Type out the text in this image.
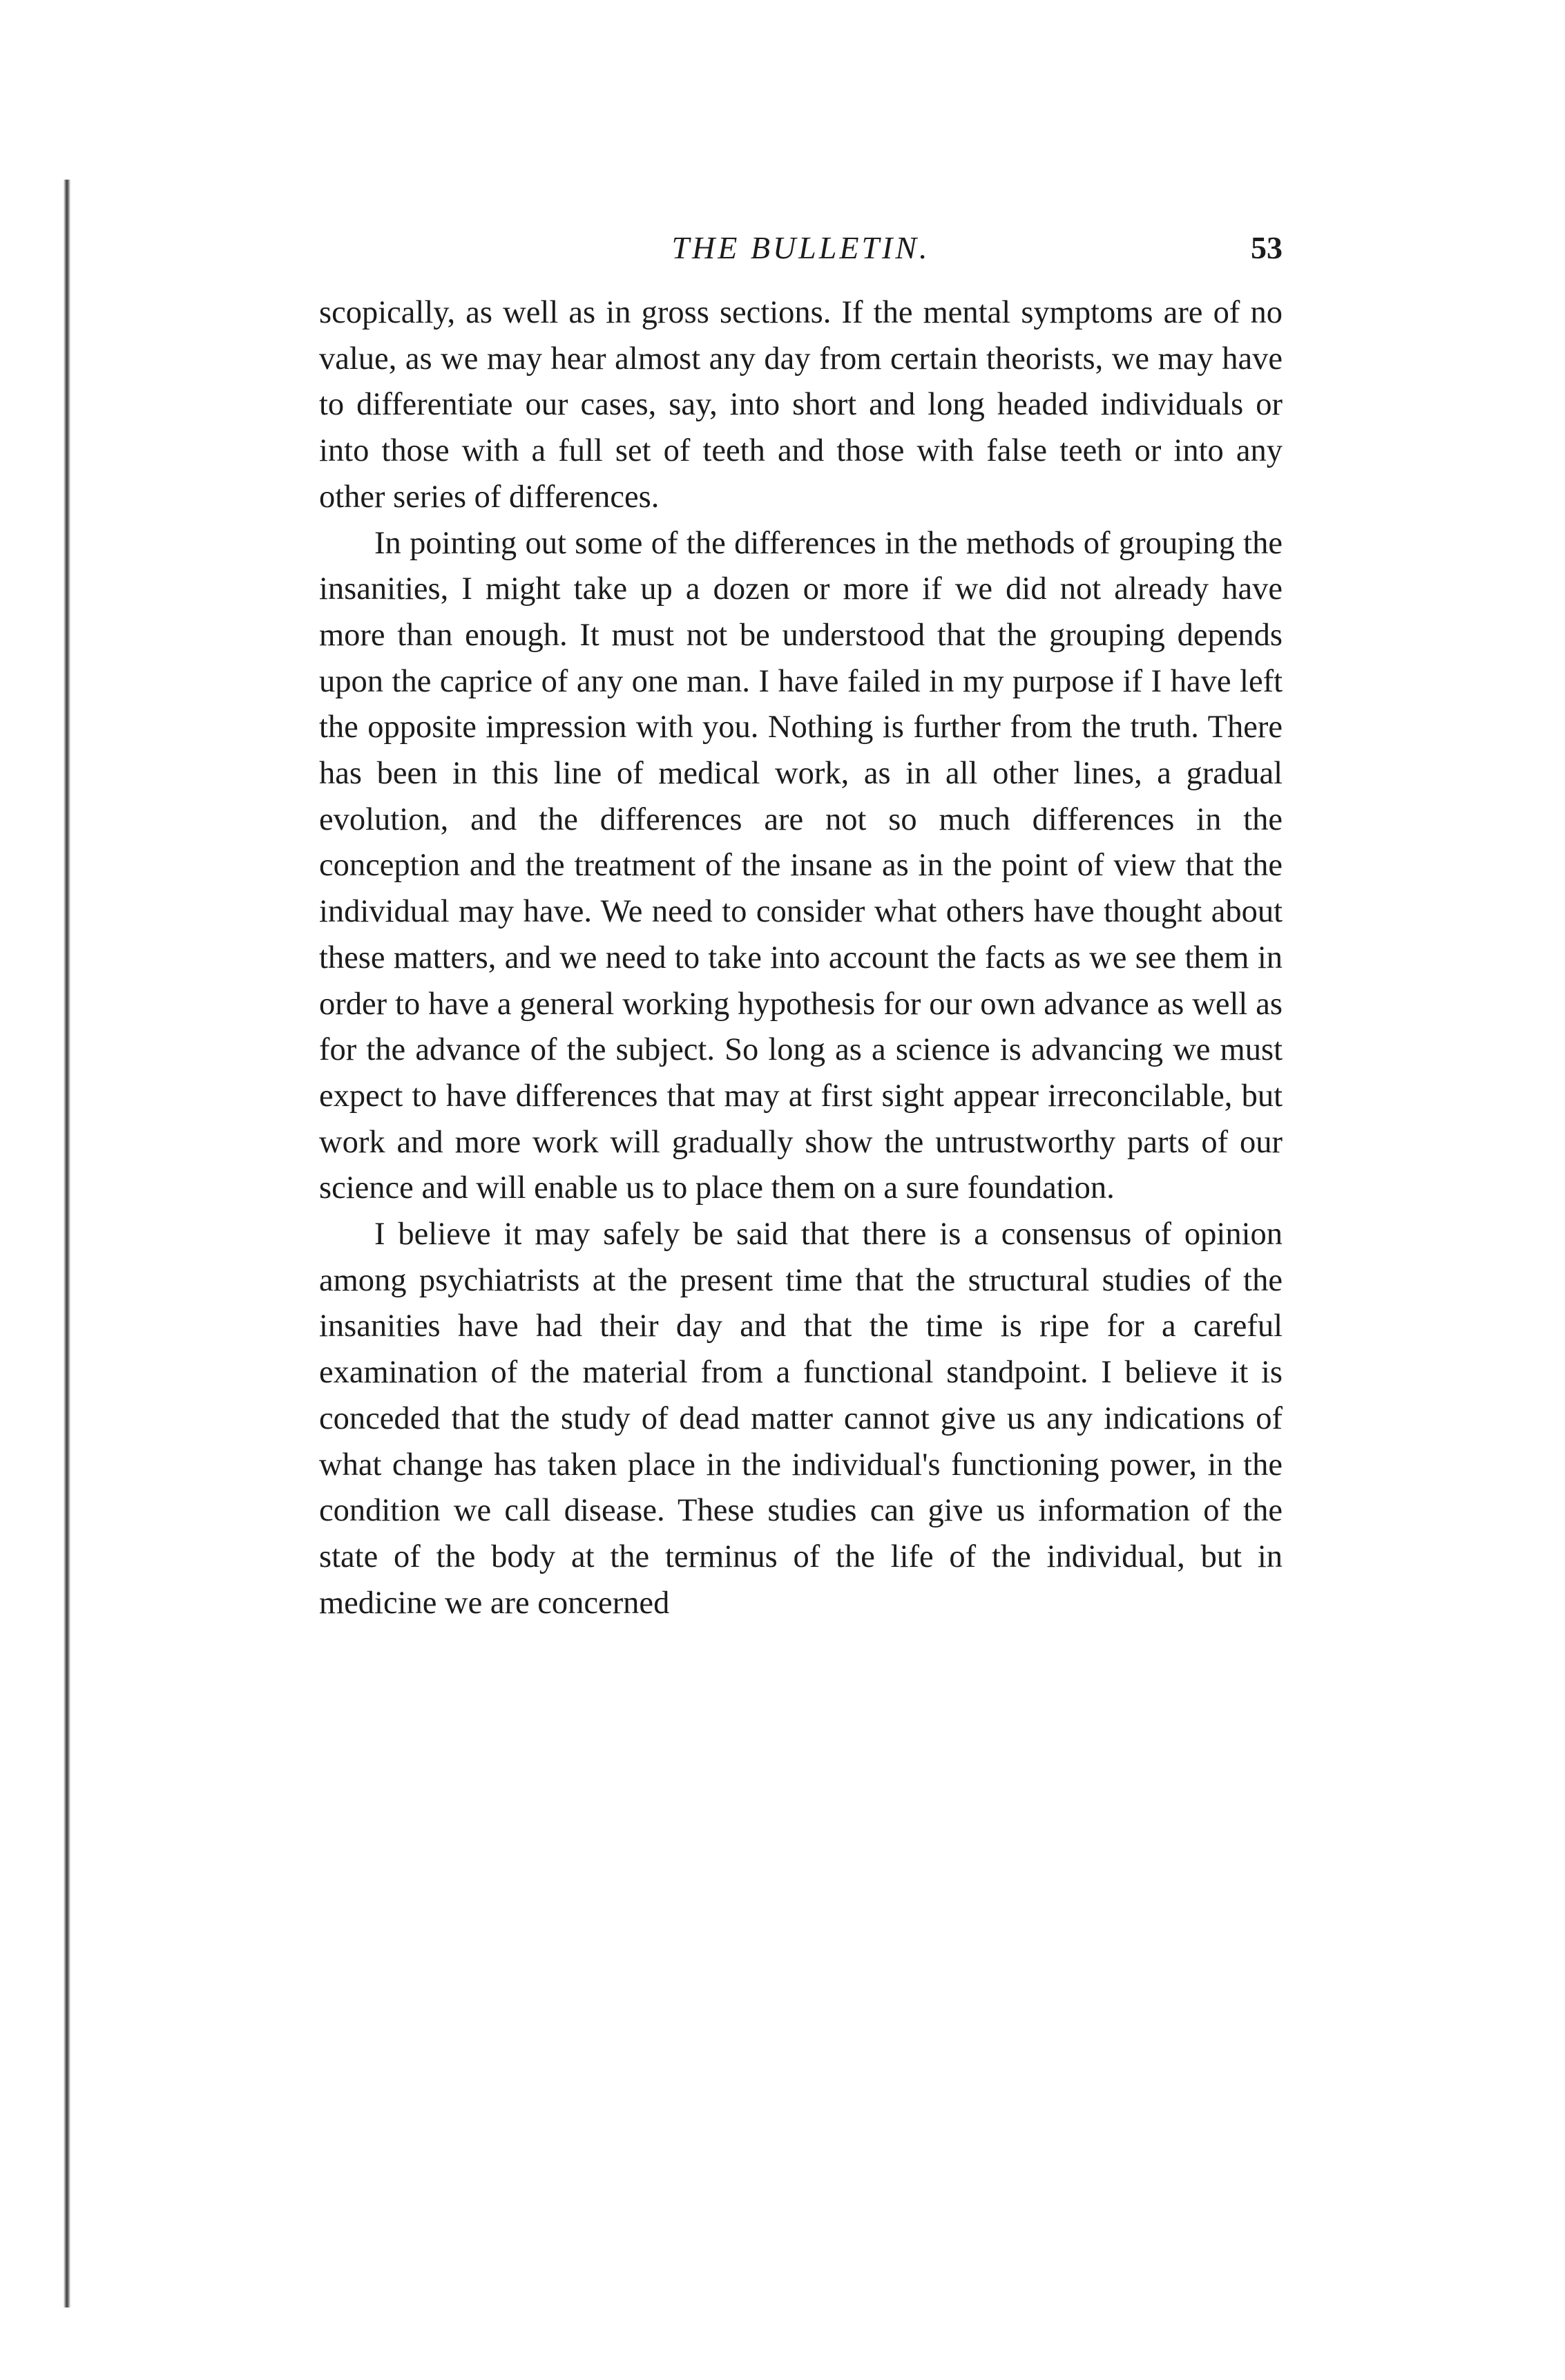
THE BULLETIN.	53

scopically, as well as in gross sections. If the mental symptoms are of no value, as we may hear almost any day from certain theorists, we may have to differentiate our cases, say, into short and long headed individuals or into those with a full set of teeth and those with false teeth or into any other series of differences.

In pointing out some of the differences in the methods of grouping the insanities, I might take up a dozen or more if we did not already have more than enough. It must not be understood that the grouping depends upon the caprice of any one man. I have failed in my purpose if I have left the opposite impression with you. Nothing is further from the truth. There has been in this line of medical work, as in all other lines, a gradual evolution, and the differences are not so much differences in the conception and the treatment of the insane as in the point of view that the individual may have. We need to consider what others have thought about these matters, and we need to take into account the facts as we see them in order to have a general working hypothesis for our own advance as well as for the advance of the subject. So long as a science is advancing we must expect to have differences that may at first sight appear irreconcilable, but work and more work will gradually show the untrustworthy parts of our science and will enable us to place them on a sure foundation.

I believe it may safely be said that there is a consensus of opinion among psychiatrists at the present time that the structural studies of the insanities have had their day and that the time is ripe for a careful examination of the material from a functional standpoint. I believe it is conceded that the study of dead matter cannot give us any indications of what change has taken place in the individual's functioning power, in the condition we call disease. These studies can give us information of the state of the body at the terminus of the life of the individual, but in medicine we are concerned
